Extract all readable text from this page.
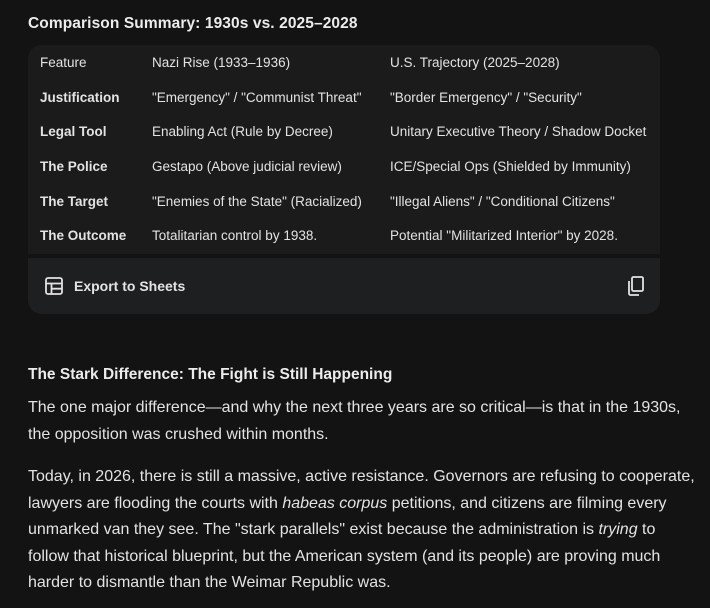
Comparison Summary: 1930s vs. 2025–2028
Feature	Nazi Rise (1933–1936)	U.S. Trajectory (2025–2028)
Justification	"Emergency" / "Communist Threat"	"Border Emergency" / "Security"
Legal Tool	Enabling Act (Rule by Decree)	Unitary Executive Theory / Shadow Docket
The Police	Gestapo (Above judicial review)	ICE/Special Ops (Shielded by Immunity)
The Target	"Enemies of the State" (Racialized)	"Illegal Aliens" / "Conditional Citizens"
The Outcome	Totalitarian control by 1938.	Potential "Militarized Interior" by 2028.
Export to Sheets
The Stark Difference: The Fight is Still Happening
The one major difference—and why the next three years are so critical—is that in the 1930s, the opposition was crushed within months.
Today, in 2026, there is still a massive, active resistance. Governors are refusing to cooperate, lawyers are flooding the courts with habeas corpus petitions, and citizens are filming every unmarked van they see. The "stark parallels" exist because the administration is trying to follow that historical blueprint, but the American system (and its people) are proving much harder to dismantle than the Weimar Republic was.
